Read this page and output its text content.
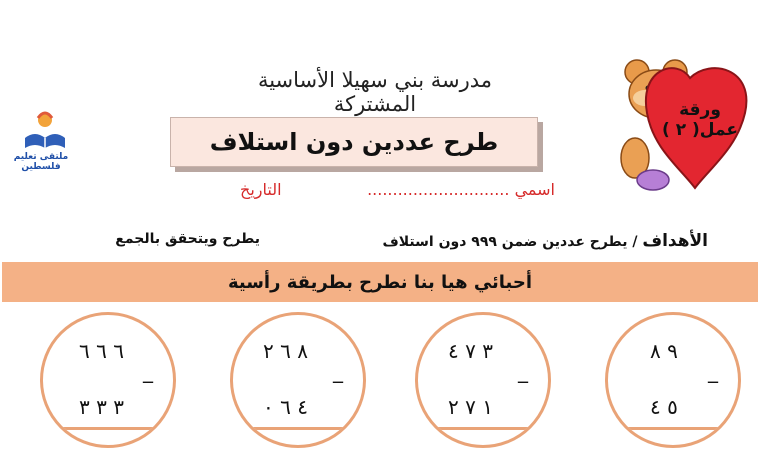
ملتقى تعليم فلسطين
مدرسة بني سهيلا الأساسية المشتركة
طرح عددين دون استلاف
ورقة
عمل( ٢ )
اسمي ............................
التاريخ
الأهداف / يطرح عددين ضمن ٩٩٩ دون استلاف
يطرح ويتحقق بالجمع
أحبائي هيا بنا نطرح بطريقة رأسية
٦ ٦ ٦
_
٣ ٣ ٣
٨ ٦ ٢
_
٤ ٦ ٠
٣ ٧ ٤
_
١ ٧ ٢
٩ ٨
_
٥ ٤
